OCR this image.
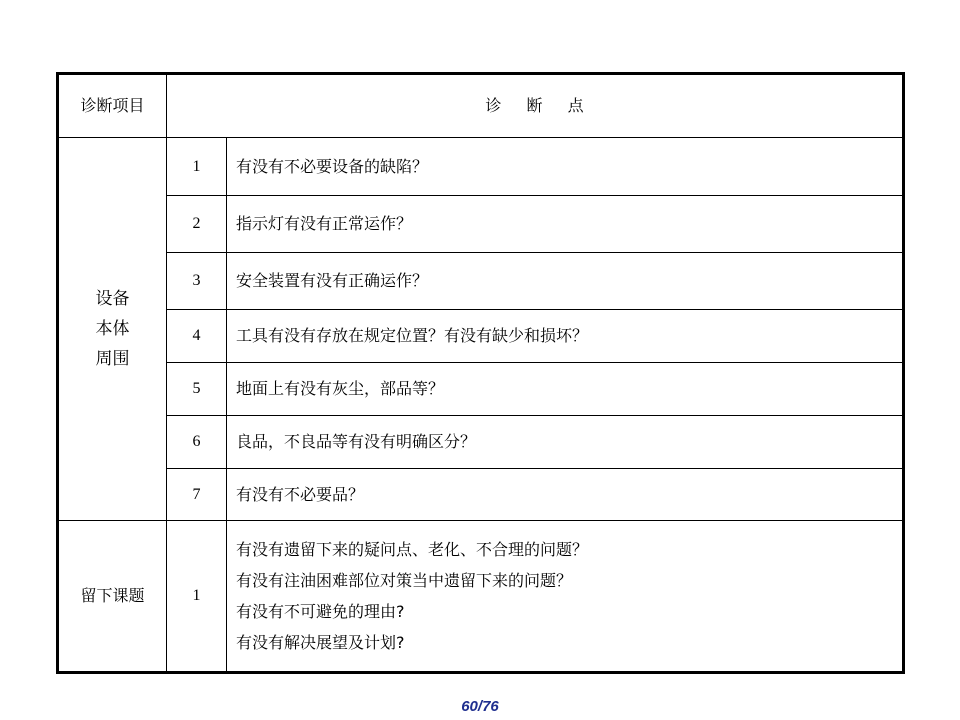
诊断项目	诊 断 点	

设备
本体
周围	1	有没有不必要设备的缺陷？
	2	指示灯有没有正常运作？
	3	安全装置有没有正确运作？
	4	工具有没有存放在规定位置？有没有缺少和损坏？
	5	地面上有没有灰尘，部品等？
	6	良品，不良品等有没有明确区分？
	7	有没有不必要品？
留下课题	1	有没有遗留下来的疑问点、老化、不合理的问题？
有没有注油困难部位对策当中遗留下来的问题？
有没有不可避免的理由?
有没有解决展望及计划?
60/76
